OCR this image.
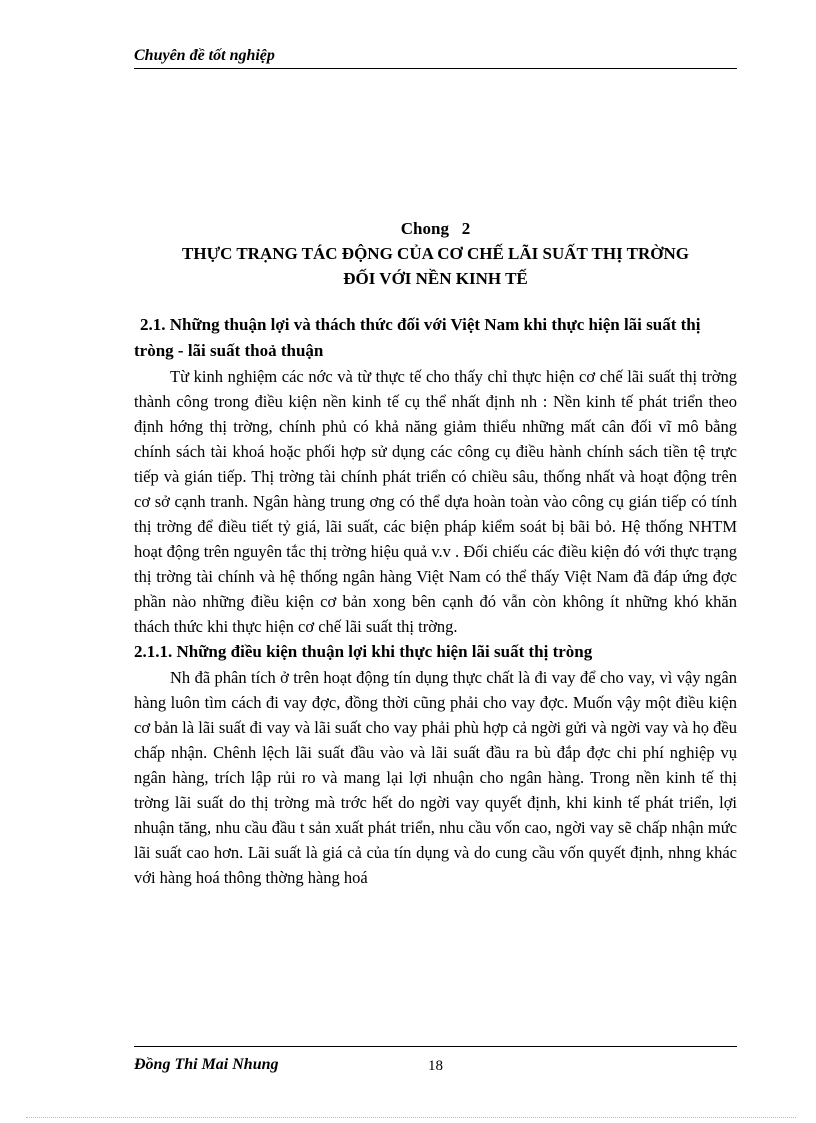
Chuyên đề tốt nghiệp
Chong   2
THỰC TRẠNG TÁC ĐỘNG CỦA CƠ CHẾ LÃI SUẤT THỊ TRỜNG
ĐỐI VỚI NỀN KINH TẾ
2.1. Những thuận lợi và thách thức đối với Việt Nam khi thực hiện lãi suất thị tròng - lãi suất thoả thuận

Từ kinh nghiệm các nớc và từ thực tế cho thấy chỉ thực hiện cơ chế lãi suất thị trờng thành công trong điều kiện nền kinh tế cụ thể nhất định nh : Nền kinh tế phát triển theo định hớng thị trờng, chính phủ có khả năng giảm thiểu những mất cân đối vĩ mô bằng chính sách tài khoá hoặc phối hợp sử dụng các công cụ điều hành chính sách tiền tệ trực tiếp và gián tiếp. Thị trờng tài chính phát triển có chiều sâu, thống nhất và hoạt động trên cơ sở cạnh tranh. Ngân hàng trung ơng có thể dựa hoàn toàn vào công cụ gián tiếp có tính thị trờng để điều tiết tỷ giá, lãi suất, các biện pháp kiểm soát bị bãi bỏ. Hệ thống NHTM hoạt động trên nguyên tắc thị trờng hiệu quả v.v . Đối chiếu các điều kiện đó với thực trạng thị trờng tài chính và hệ thống ngân hàng Việt Nam có thể thấy Việt Nam đã đáp ứng đợc phần nào những điều kiện cơ bản xong bên cạnh đó vẫn còn không ít những khó khăn thách thức khi thực hiện cơ chế lãi suất thị trờng.

2.1.1. Những điều kiện thuận lợi khi thực hiện lãi suất thị tròng

Nh đã phân tích ở trên hoạt động tín dụng thực chất là đi vay để cho vay, vì vậy ngân hàng luôn tìm cách đi vay đợc, đồng thời cũng phải cho vay đợc. Muốn vậy một điều kiện cơ bản là lãi suất đi vay và lãi suất cho vay phải phù hợp cả ngời gửi và ngời vay và họ đều chấp nhận. Chênh lệch lãi suất đầu vào và lãi suất đầu ra bù đắp đợc chi phí nghiệp vụ ngân hàng, trích lập rủi ro và mang lại lợi nhuận cho ngân hàng. Trong nền kinh tế thị trờng lãi suất do thị trờng mà trớc hết do ngời vay quyết định, khi kinh tế phát triển, lợi nhuận tăng, nhu cầu đầu t sản xuất phát triển, nhu cầu vốn cao, ngời vay sẽ chấp nhận mức lãi suất cao hơn. Lãi suất là giá cả của tín dụng và do cung cầu vốn quyết định, nhng khác với hàng hoá thông thờng hàng hoá

Đồng Thi Mai Nhung	18
